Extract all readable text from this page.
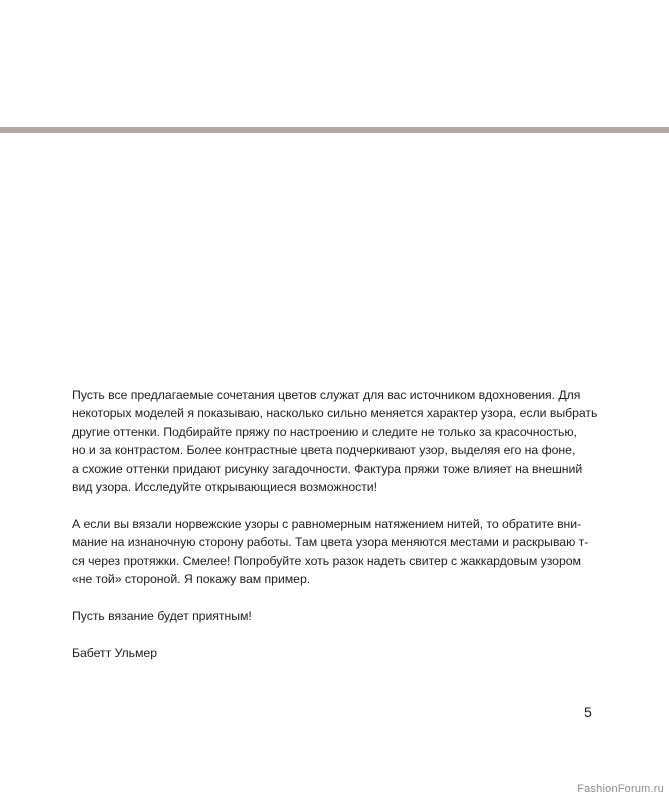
Пусть все предлагаемые сочетания цветов служат для вас источником вдохновения. Для
некоторых моделей я показываю, насколько сильно меняется характер узора, если выбрать
другие оттенки. Подбирайте пряжу по настроению и следите не только за красочностью,
но и за контрастом. Более контрастные цвета подчеркивают узор, выделяя его на фоне,
а схожие оттенки придают рисунку загадочности. Фактура пряжи тоже влияет на внешний
вид узора. Исследуйте открывающиеся возможности!
А если вы вязали норвежские узоры с равномерным натяжением нитей, то обратите вни-
мание на изнаночную сторону работы. Там цвета узора меняются местами и раскрываю т-
ся через протяжки. Смелее! Попробуйте хоть разок надеть свитер с жаккардовым узором
«не той» стороной. Я покажу вам пример.
Пусть вязание будет приятным!
Бабетт Ульмер
5
FashionForum.ru
